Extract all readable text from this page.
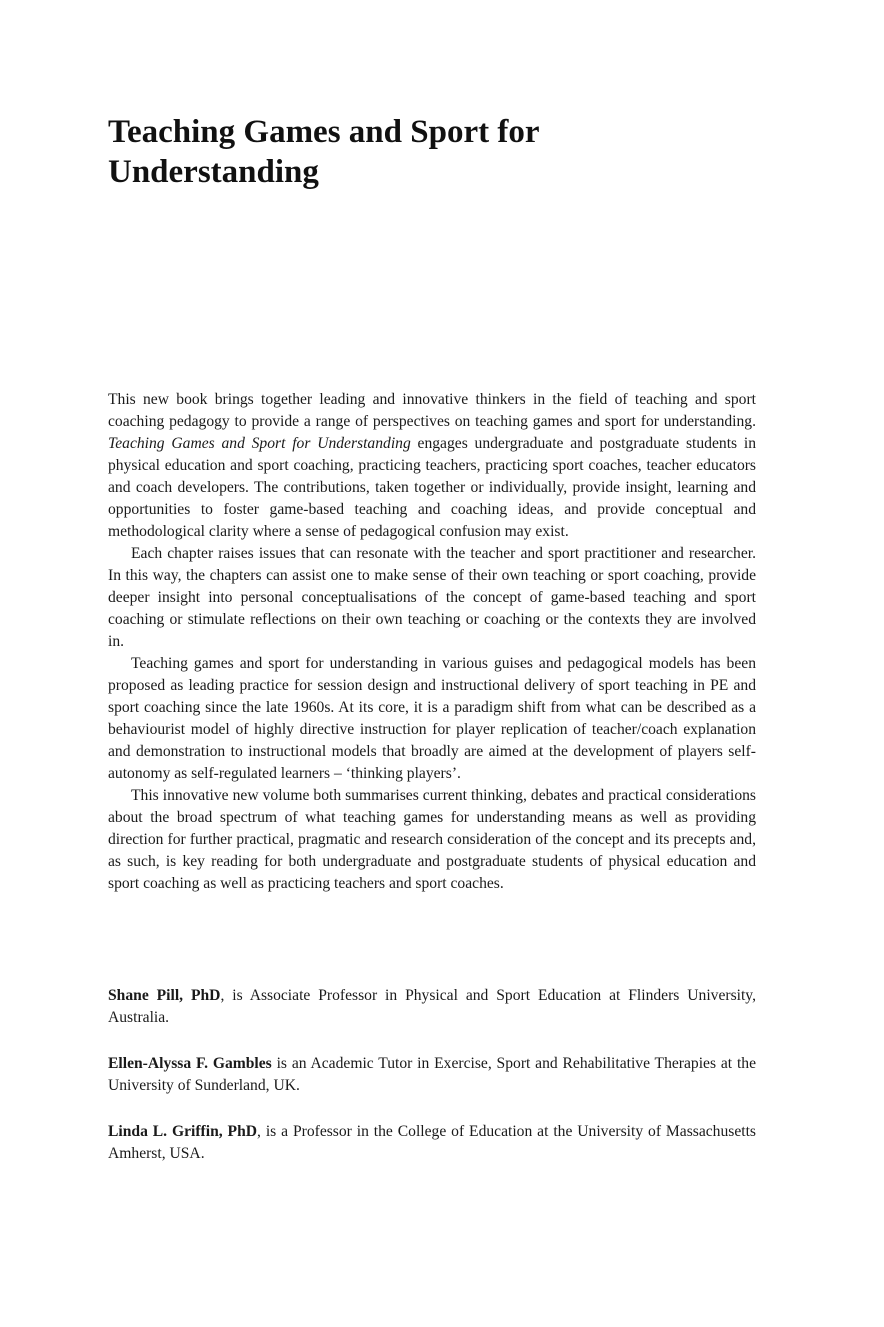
Teaching Games and Sport for
Understanding

This new book brings together leading and innovative thinkers in the field of teaching and sport coaching pedagogy to provide a range of perspectives on teaching games and sport for understanding. Teaching Games and Sport for Understanding engages undergraduate and postgraduate students in physical education and sport coaching, practicing teachers, practicing sport coaches, teacher educators and coach developers. The contributions, taken together or individually, provide insight, learning and opportunities to foster game-based teaching and coaching ideas, and provide conceptual and methodological clarity where a sense of pedagogical confusion may exist.

Each chapter raises issues that can resonate with the teacher and sport practitioner and researcher. In this way, the chapters can assist one to make sense of their own teaching or sport coaching, provide deeper insight into personal conceptualisations of the concept of game-based teaching and sport coaching or stimulate reflections on their own teaching or coaching or the contexts they are involved in.

Teaching games and sport for understanding in various guises and pedagogical models has been proposed as leading practice for session design and instructional delivery of sport teaching in PE and sport coaching since the late 1960s. At its core, it is a paradigm shift from what can be described as a behaviourist model of highly directive instruction for player replication of teacher/coach explanation and demonstration to instructional models that broadly are aimed at the development of players self-autonomy as self-regulated learners – ‘thinking players’.

This innovative new volume both summarises current thinking, debates and practical considerations about the broad spectrum of what teaching games for understanding means as well as providing direction for further practical, pragmatic and research consideration of the concept and its precepts and, as such, is key reading for both undergraduate and postgraduate students of physical education and sport coaching as well as practicing teachers and sport coaches.

Shane Pill, PhD, is Associate Professor in Physical and Sport Education at Flinders University, Australia.

Ellen-Alyssa F. Gambles is an Academic Tutor in Exercise, Sport and Rehabilitative Therapies at the University of Sunderland, UK.

Linda L. Griffin, PhD, is a Professor in the College of Education at the University of Massachusetts Amherst, USA.
